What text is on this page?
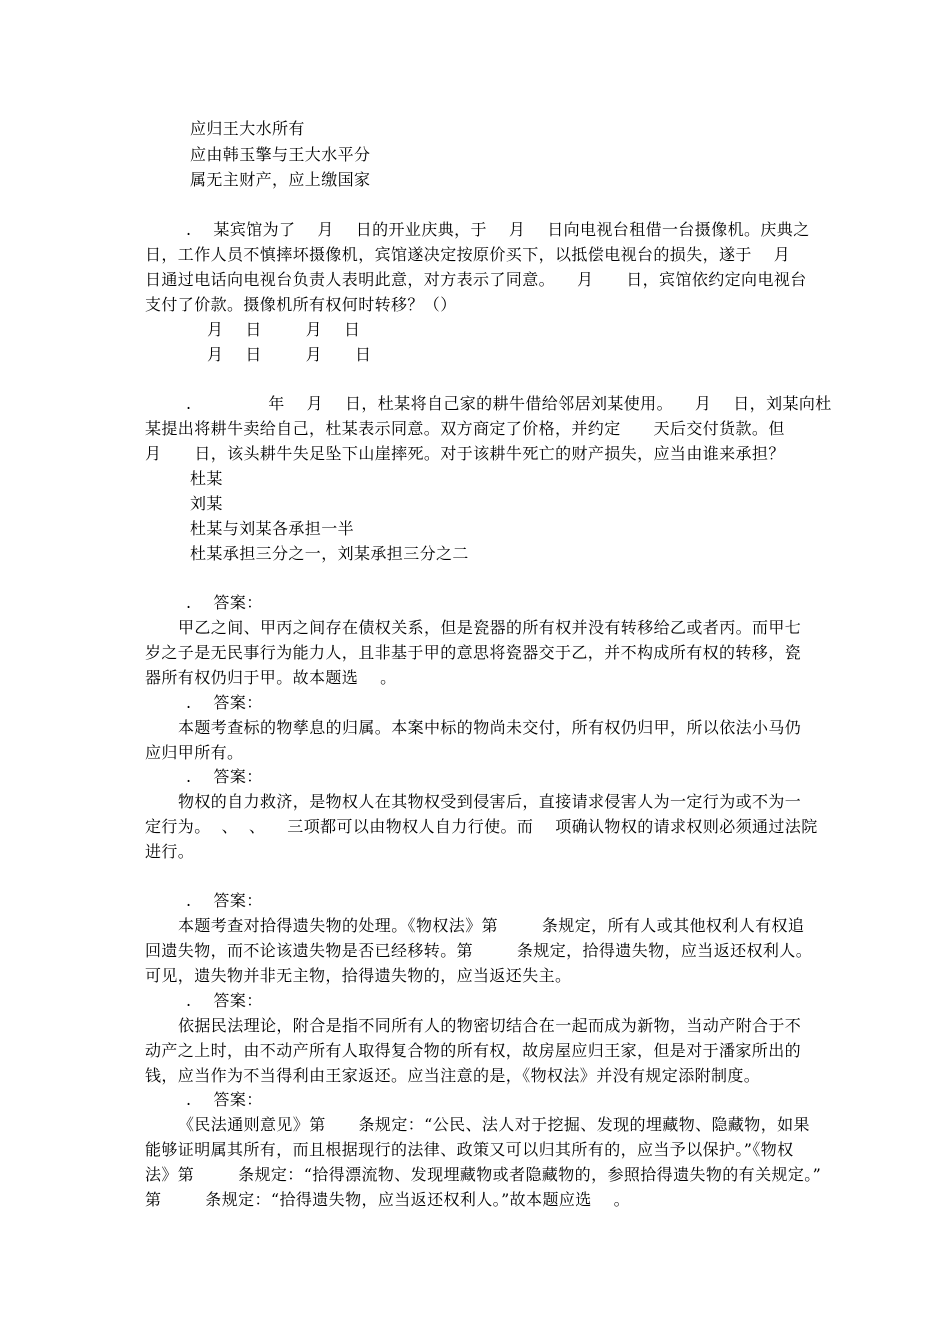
应归王大水所有
应由韩玉擎与王大水平分
属无主财产，应上缴国家
.    某宾馆为了    月    日的开业庆典，于    月    日向电视台租借一台摄像机。庆典之
日，工作人员不慎摔坏摄像机，宾馆遂决定按原价买下，以抵偿电视台的损失，遂于    月
日通过电话向电视台负责人表明此意，对方表示了同意。    月      日，宾馆依约定向电视台
支付了价款。摄像机所有权何时转移？（）
月    日        月    日
月    日        月      日
.              年    月    日，杜某将自己家的耕牛借给邻居刘某使用。    月    日，刘某向杜
某提出将耕牛卖给自己，杜某表示同意。双方商定了价格，并约定      天后交付货款。但
月      日，该头耕牛失足坠下山崖摔死。对于该耕牛死亡的财产损失，应当由谁来承担？
杜某
刘某
杜某与刘某各承担一半
杜某承担三分之一，刘某承担三分之二
.    答案：
甲乙之间、甲丙之间存在债权关系，但是瓷器的所有权并没有转移给乙或者丙。而甲七
岁之子是无民事行为能力人，且非基于甲的意思将瓷器交于乙，并不构成所有权的转移，瓷
器所有权仍归于甲。故本题选    。
.    答案：
本题考查标的物孳息的归属。本案中标的物尚未交付，所有权仍归甲，所以依法小马仍
应归甲所有。
.    答案：
物权的自力救济，是物权人在其物权受到侵害后，直接请求侵害人为一定行为或不为一
定行为。  、  、    三项都可以由物权人自力行使。而    项确认物权的请求权则必须通过法院
进行。
.    答案：
本题考查对拾得遗失物的处理。《物权法》第        条规定，所有人或其他权利人有权追
回遗失物，而不论该遗失物是否已经移转。第        条规定，拾得遗失物，应当返还权利人。
可见，遗失物并非无主物，拾得遗失物的，应当返还失主。
.    答案：
依据民法理论，附合是指不同所有人的物密切结合在一起而成为新物，当动产附合于不
动产之上时，由不动产所有人取得复合物的所有权，故房屋应归王家，但是对于潘家所出的
钱，应当作为不当得利由王家返还。应当注意的是，《物权法》并没有规定添附制度。
.    答案：
《民法通则意见》第      条规定：“公民、法人对于挖掘、发现的埋藏物、隐藏物，如果
能够证明属其所有，而且根据现行的法律、政策又可以归其所有的，应当予以保护。”《物权
法》第        条规定：“拾得漂流物、发现埋藏物或者隐藏物的，参照拾得遗失物的有关规定。”
第        条规定：“拾得遗失物，应当返还权利人。”故本题应选    。
